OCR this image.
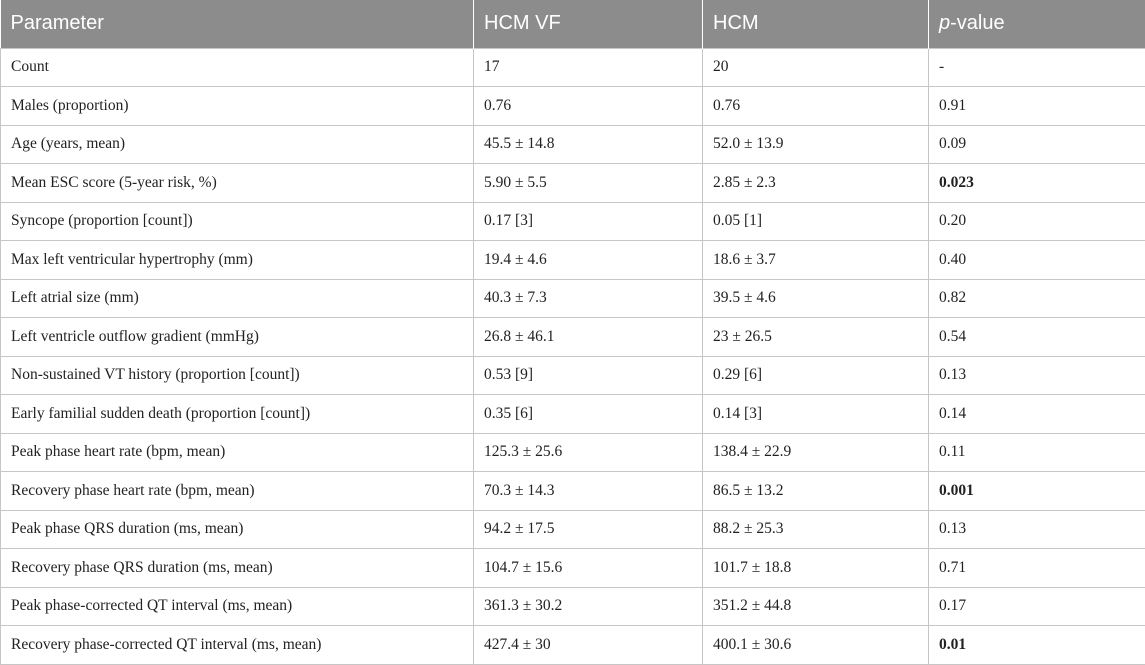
Parameter	HCM VF	HCM	p-value
Count	17	20	-
Males (proportion)	0.76	0.76	0.91
Age (years, mean)	45.5 ± 14.8	52.0 ± 13.9	0.09
Mean ESC score (5-year risk, %)	5.90 ± 5.5	2.85 ± 2.3	0.023
Syncope (proportion [count])	0.17 [3]	0.05 [1]	0.20
Max left ventricular hypertrophy (mm)	19.4 ± 4.6	18.6 ± 3.7	0.40
Left atrial size (mm)	40.3 ± 7.3	39.5 ± 4.6	0.82
Left ventricle outflow gradient (mmHg)	26.8 ± 46.1	23 ± 26.5	0.54
Non-sustained VT history (proportion [count])	0.53 [9]	0.29 [6]	0.13
Early familial sudden death (proportion [count])	0.35 [6]	0.14 [3]	0.14
Peak phase heart rate (bpm, mean)	125.3 ± 25.6	138.4 ± 22.9	0.11
Recovery phase heart rate (bpm, mean)	70.3 ± 14.3	86.5 ± 13.2	0.001
Peak phase QRS duration (ms, mean)	94.2 ± 17.5	88.2 ± 25.3	0.13
Recovery phase QRS duration (ms, mean)	104.7 ± 15.6	101.7 ± 18.8	0.71
Peak phase-corrected QT interval (ms, mean)	361.3 ± 30.2	351.2 ± 44.8	0.17
Recovery phase-corrected QT interval (ms, mean)	427.4 ± 30	400.1 ± 30.6	0.01
